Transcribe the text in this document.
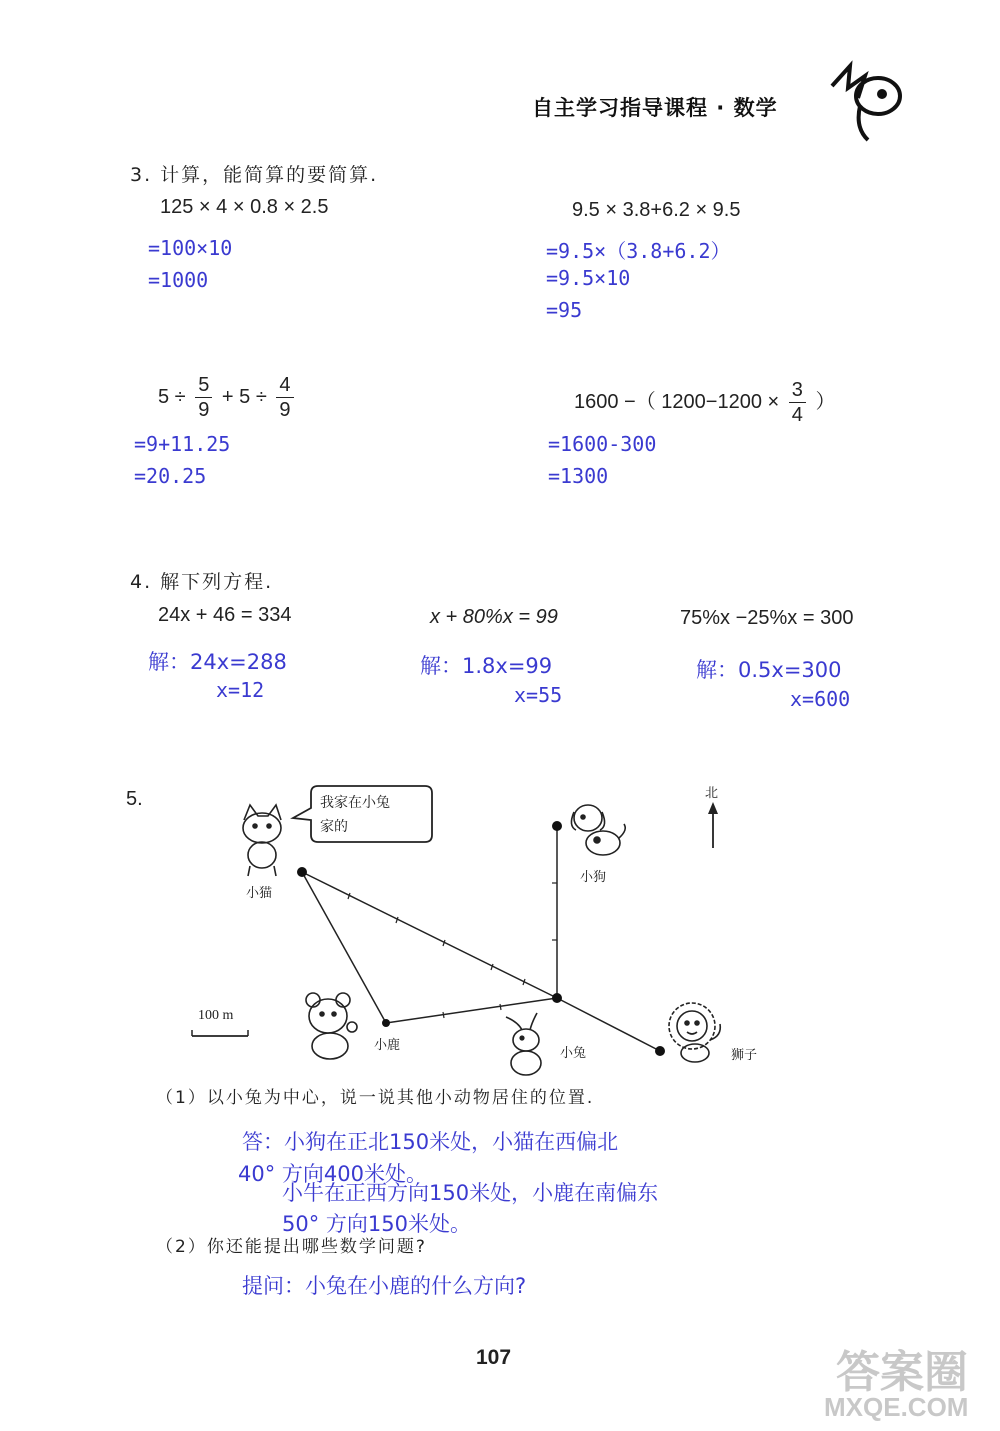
自主学习指导课程 · 数学
3. 计算，能简算的要简算.
125 × 4 × 0.8 × 2.5
=100×10
=1000
9.5 × 3.8+6.2 × 9.5
=9.5×（3.8+6.2）
=9.5×10
=95
$5 \div \frac{5}{9} + 5 \div \frac{4}{9}$
=9+11.25
=20.25
1600 −（ $1200-1200 \times \frac{3}{4}$ ）
=1600-300
=1300
4. 解下列方程.
24x + 46 = 334
解：24x=288
x=12
x + 80%x = 99
解：1.8x=99
x=55
75%x −25%x = 300
解：0.5x=300
x=600
5.	我家在小兔
家的
北
100 m
小猫
小狗
小鹿
小兔	狮子
（1）以小兔为中心，说一说其他小动物居住的位置.
答：小狗在正北150米处，小猫在西偏北
40° 方向400米处。
小牛在正西方向150米处，小鹿在南偏东
50° 方向150米处。
（2）你还能提出哪些数学问题?
提问：小兔在小鹿的什么方向?
107	答案圈
MXQE.COM
